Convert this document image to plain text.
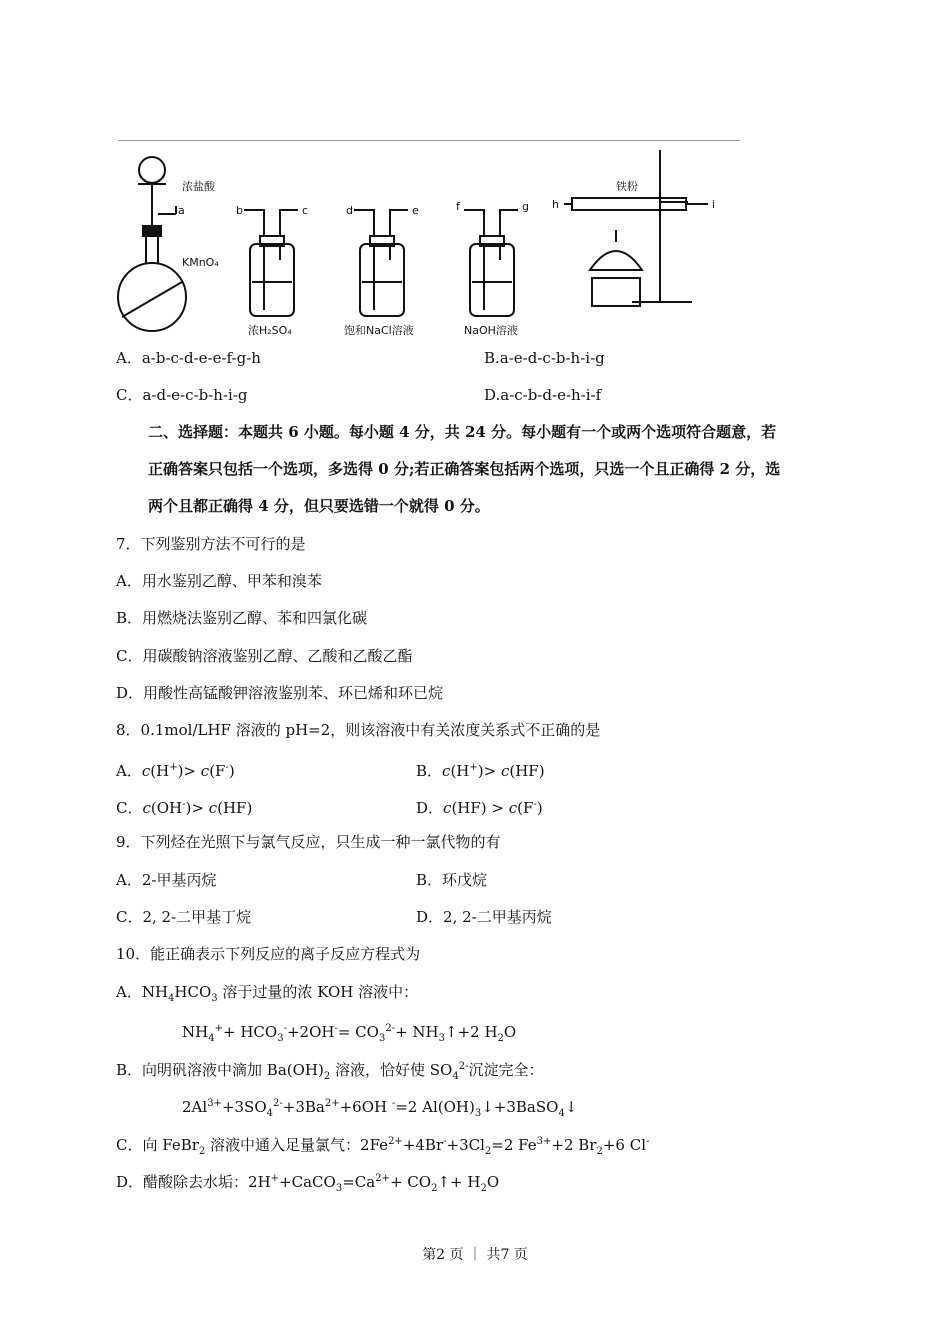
浓盐酸
a
KMnO₄
b	c
浓H₂SO₄
d	e
饱和NaCl溶液
f	g
NaOH溶液
铁粉
h	i
A．a-b-c-d-e-e-f-g-h	B.a-e-d-c-b-h-i-g
C．a-d-e-c-b-h-i-g	D.a-c-b-d-e-h-i-f
二、选择题：本题共 6 小题。每小题 4 分，共 24 分。每小题有一个或两个选项符合题意，若
正确答案只包括一个选项，多选得 0 分;若正确答案包括两个选项，只选一个且正确得 2 分，选
两个且都正确得 4 分，但只要选错一个就得 0 分。
7．下列鉴别方法不可行的是
A．用水鉴别乙醇、甲苯和溴苯
B．用燃烧法鉴别乙醇、苯和四氯化碳
C．用碳酸钠溶液鉴别乙醇、乙酸和乙酸乙酯
D．用酸性高锰酸钾溶液鉴别苯、环已烯和环已烷
8．0.1mol/LHF 溶液的 pH=2，则该溶液中有关浓度关系式不正确的是
A．c(H+)> c(F-)	B．c(H+)> c(HF)
C．c(OH-)> c(HF)	D．c(HF) > c(F-)
9．下列烃在光照下与氯气反应，只生成一种一氯代物的有
A．2-甲基丙烷	B．环戊烷
C．2, 2-二甲基丁烷	D．2, 2-二甲基丙烷
10．能正确表示下列反应的离子反应方程式为
A．$NH_4HCO_3$ 溶于过量的浓 KOH 溶液中：
$NH_4^++ HCO_3^-+2OH^-= CO_3^{2-}+$ $NH_3↑+2$ $H_2O$
B．向明矾溶液中滴加 $Ba(OH)_2$ 溶液，恰好使 $SO_4^{2-}$沉淀完全：
$2Al^{3+}+3SO_4^{2-}+3Ba^{2+}+6OH$ -=2 $Al(OH)_3↓+3BaSO_4↓$
C．向 FeBr$_2$ 溶液中通入足量氯气：$2Fe^{2+}+4Br^-+3Cl_2=2$ $Fe^{3+}+2$ $Br_2+6$ Cl-
D．醋酸除去水垢：$2H^++CaCO_3=Ca^{2+}+$ $CO_2↑+ H_2O$
第2 页 ｜ 共7 页
